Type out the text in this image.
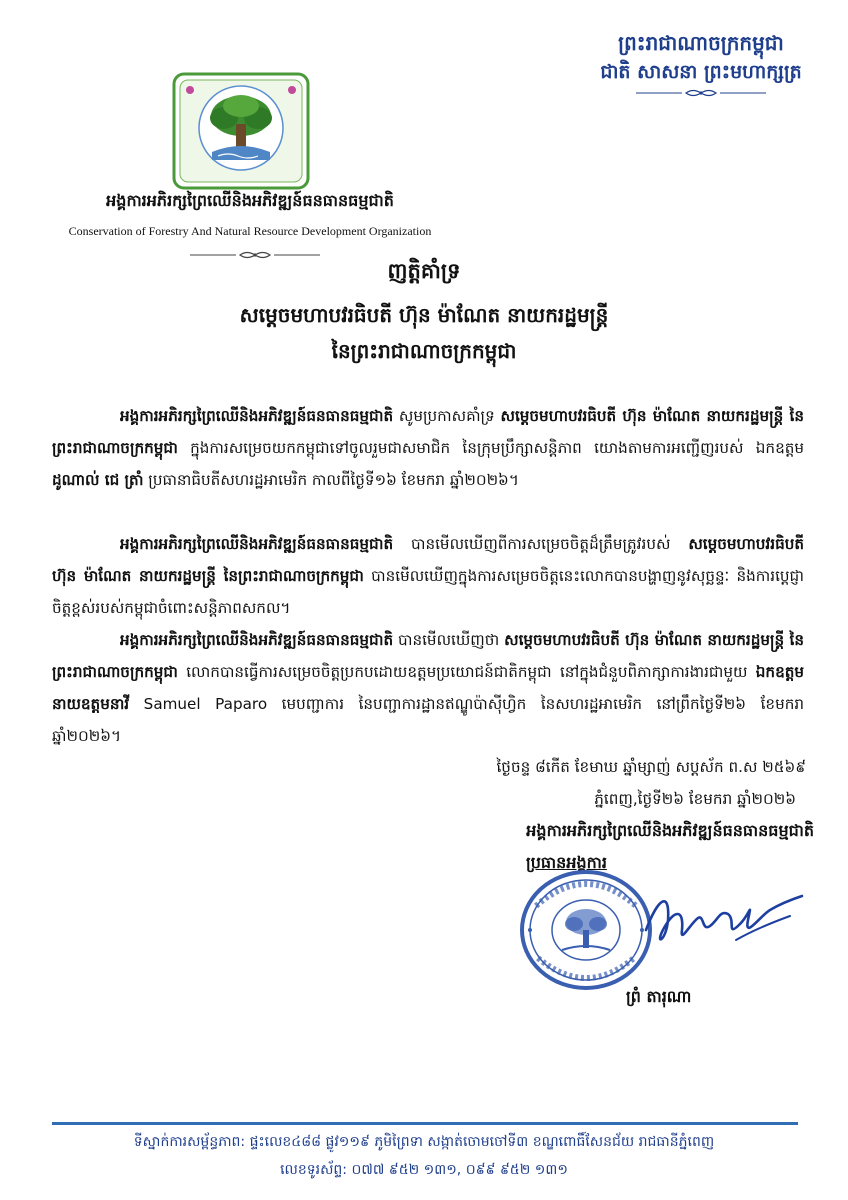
ព្រះរាជាណាចក្រកម្ពុជា
ជាតិ សាសនា ព្រះមហាក្សត្រ
អង្គការអភិរក្សព្រៃឈើនិងអភិវឌ្ឍន៍ធនធានធម្មជាតិ
Conservation of Forestry And Natural Resource Development Organization
ញត្តិគាំទ្រ
សម្តេចមហាបវរធិបតី ហ៊ុន ម៉ាណែត នាយករដ្ឋមន្ត្រី
នៃព្រះរាជាណាចក្រកម្ពុជា
អង្គការអភិរក្សព្រៃឈើនិងអភិវឌ្ឍន៍ធនធានធម្មជាតិ សូមប្រកាសគាំទ្រ សម្តេចមហាបវរធិបតី ហ៊ុន ម៉ាណែត នាយករដ្ឋមន្ត្រី នៃព្រះរាជាណាចក្រកម្ពុជា ក្នុងការសម្រេចយកកម្ពុជាទៅចូលរួមជាសមាជិក នៃក្រុមប្រឹក្សាសន្តិភាព យោងតាមការអញ្ជើញរបស់ ឯកឧត្តម ដូណាល់ ជេ ត្រាំ ប្រធានាធិបតីសហរដ្ឋអាមេរិក កាលពីថ្ងៃទី១៦ ខែមករា ឆ្នាំ២០២៦។
អង្គការអភិរក្សព្រៃឈើនិងអភិវឌ្ឍន៍ធនធានធម្មជាតិ បានមើលឃើញពីការសម្រេចចិត្តដ៏ត្រឹមត្រូវរបស់ សម្តេចមហាបវរធិបតី ហ៊ុន ម៉ាណែត នាយករដ្ឋមន្ត្រី នៃព្រះរាជាណាចក្រកម្ពុជា បានមើលឃើញក្នុងការសម្រេចចិត្តនេះលោកបានបង្ហាញនូវសុច្ឆន្ទៈ និងការប្តេជ្ញាចិត្តខ្ពស់របស់កម្ពុជាចំពោះសន្តិភាពសកល។
អង្គការអភិរក្សព្រៃឈើនិងអភិវឌ្ឍន៍ធនធានធម្មជាតិ បានមើលឃើញថា សម្តេចមហាបវរធិបតី ហ៊ុន ម៉ាណែត នាយករដ្ឋមន្ត្រី នៃព្រះរាជាណាចក្រកម្ពុជា លោកបានធ្វើការសម្រេចចិត្តប្រកបដោយឧត្តមប្រយោជន៍ជាតិកម្ពុជា នៅក្នុងជំនួបពិភាក្សាការងារជាមួយ ឯកឧត្តមនាយឧត្តមនាវី Samuel Paparo មេបញ្ជាការ នៃបញ្ជាការដ្ឋានឥណ្ឌូប៉ាស៊ីហ្វិក នៃសហរដ្ឋអាមេរិក នៅព្រឹកថ្ងៃទី២៦ ខែមករា ឆ្នាំ២០២៦។
ថ្ងៃចន្ទ ៨កើត ខែមាឃ ឆ្នាំម្សាញ់ សប្តស័ក ព.ស ២៥៦៩
ភ្នំពេញ,ថ្ងៃទី២៦ ខែមករា ឆ្នាំ២០២៦
អង្គការអភិរក្សព្រៃឈើនិងអភិវឌ្ឍន៍ធនធានធម្មជាតិ
ប្រធានអង្គការ
ព្រំ តារុណា
ទីស្នាក់ការសម្ព័ន្ធភាព: ផ្ទះលេខ៤៨៨ ផ្លូវ១១៩ ភូមិព្រៃទា សង្កាត់ចោមចៅទី៣ ខណ្ឌពោធិ៍សែនជ័យ រាជធានីភ្នំពេញ
លេខទូរស័ព្ទ: ០៧៧ ៩៥២ ១៣១, ០៩៩ ៩៥២ ១៣១
